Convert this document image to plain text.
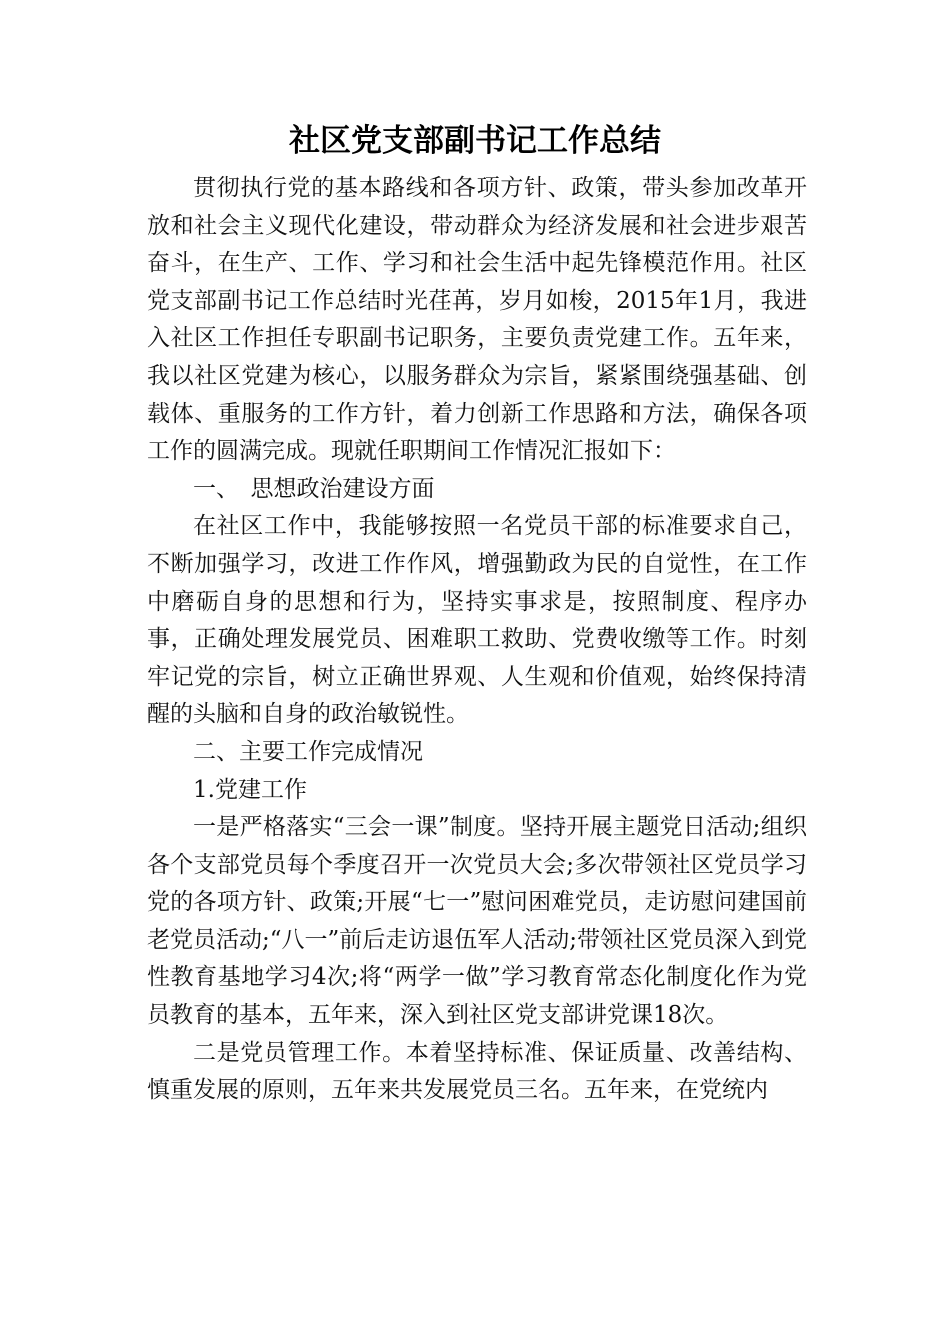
社区党支部副书记工作总结

贯彻执行党的基本路线和各项方针、政策，带头参加改革开放和社会主义现代化建设，带动群众为经济发展和社会进步艰苦奋斗，在生产、工作、学习和社会生活中起先锋模范作用。社区党支部副书记工作总结时光荏苒，岁月如梭，2015年1月，我进入社区工作担任专职副书记职务，主要负责党建工作。五年来，我以社区党建为核心，以服务群众为宗旨，紧紧围绕强基础、创载体、重服务的工作方针，着力创新工作思路和方法，确保各项工作的圆满完成。现就任职期间工作情况汇报如下：

一、　思想政治建设方面

在社区工作中，我能够按照一名党员干部的标准要求自己，不断加强学习，改进工作作风，增强勤政为民的自觉性，在工作中磨砺自身的思想和行为，坚持实事求是，按照制度、程序办事，正确处理发展党员、困难职工救助、党费收缴等工作。时刻牢记党的宗旨，树立正确世界观、人生观和价值观，始终保持清醒的头脑和自身的政治敏锐性。

二、主要工作完成情况

1.党建工作

一是严格落实“三会一课”制度。坚持开展主题党日活动;组织各个支部党员每个季度召开一次党员大会;多次带领社区党员学习党的各项方针、政策;开展“七一”慰问困难党员，走访慰问建国前老党员活动;“八一”前后走访退伍军人活动;带领社区党员深入到党性教育基地学习4次;将“两学一做”学习教育常态化制度化作为党员教育的基本，五年来，深入到社区党支部讲党课18次。

二是党员管理工作。本着坚持标准、保证质量、改善结构、慎重发展的原则，五年来共发展党员三名。五年来，在党统内
